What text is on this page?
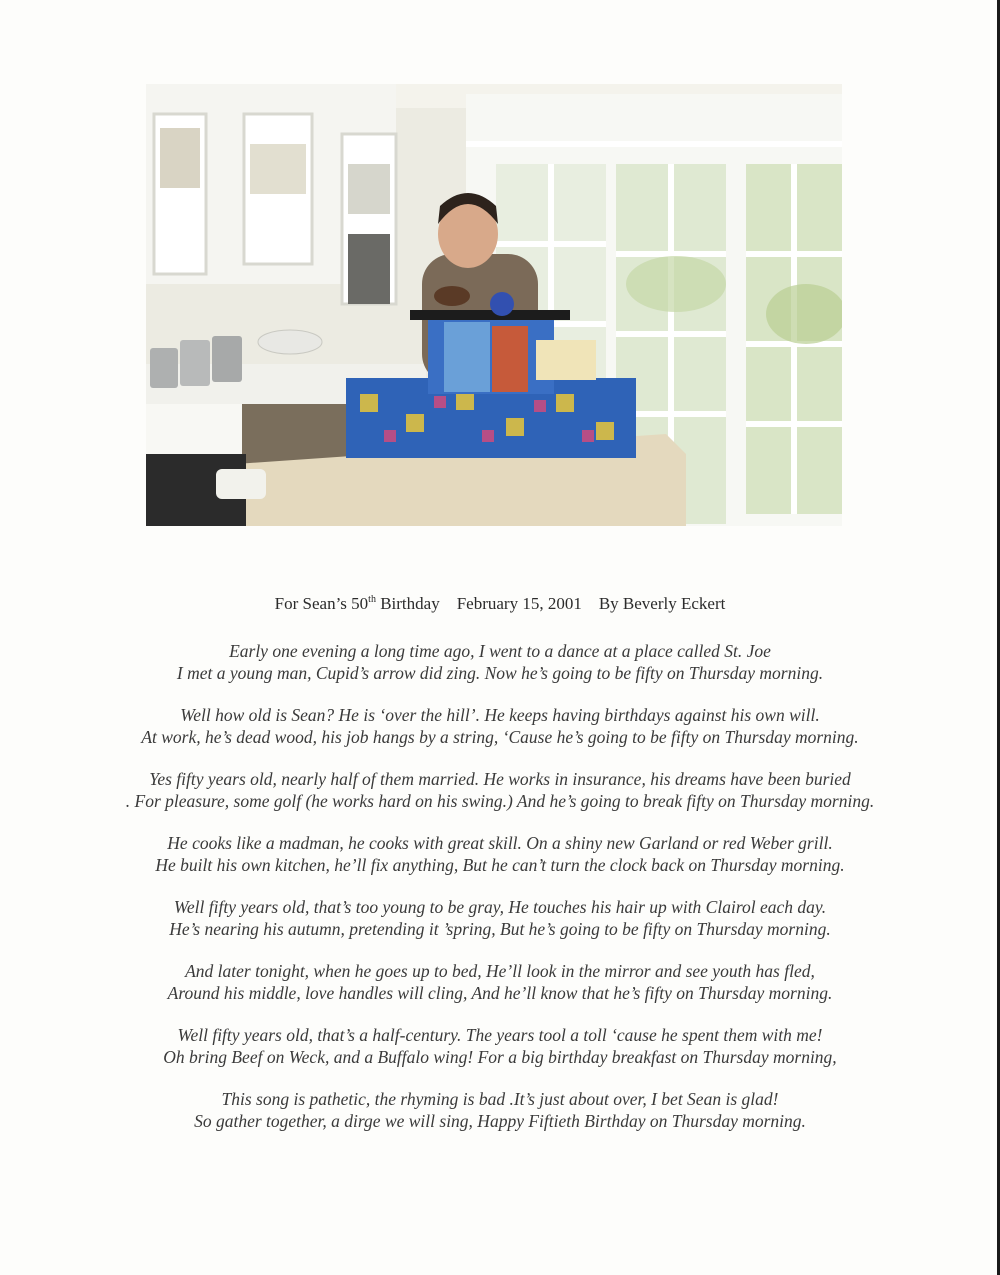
For Sean’s 50th Birthday    February 15, 2001    By Beverly Eckert
Early one evening a long time ago, I went to a dance at a place called St. Joe
I met a young man, Cupid’s arrow did zing. Now he’s going to be fifty on Thursday morning.
Well how old is Sean? He is ‘over the hill’. He keeps having birthdays against his own will.
At work, he’s dead wood, his job hangs by a string, ‘Cause he’s going to be fifty on Thursday morning.
Yes fifty years old, nearly half of them married. He works in insurance, his dreams have been buried
. For pleasure, some golf (he works hard on his swing.) And he’s going to break fifty on Thursday morning.
He cooks like a madman, he cooks with great skill. On a shiny new Garland or red Weber grill.
He built his own kitchen, he’ll fix anything, But he can’t turn the clock back on Thursday morning.
Well fifty years old, that’s too young to be gray, He touches his hair up with Clairol each day.
He’s nearing his autumn, pretending it ’spring, But he’s going to be fifty on Thursday morning.
And later tonight, when he goes up to bed, He’ll look in the mirror and see youth has fled,
Around his middle, love handles will cling, And he’ll know that he’s fifty on Thursday morning.
Well fifty years old, that’s a half-century. The years tool a toll ‘cause he spent them with me!
Oh bring Beef on Weck, and a Buffalo wing! For a big birthday breakfast on Thursday morning,
This song is pathetic, the rhyming is bad .It’s just about over, I bet Sean is glad!
So gather together, a dirge we will sing, Happy Fiftieth Birthday on Thursday morning.
